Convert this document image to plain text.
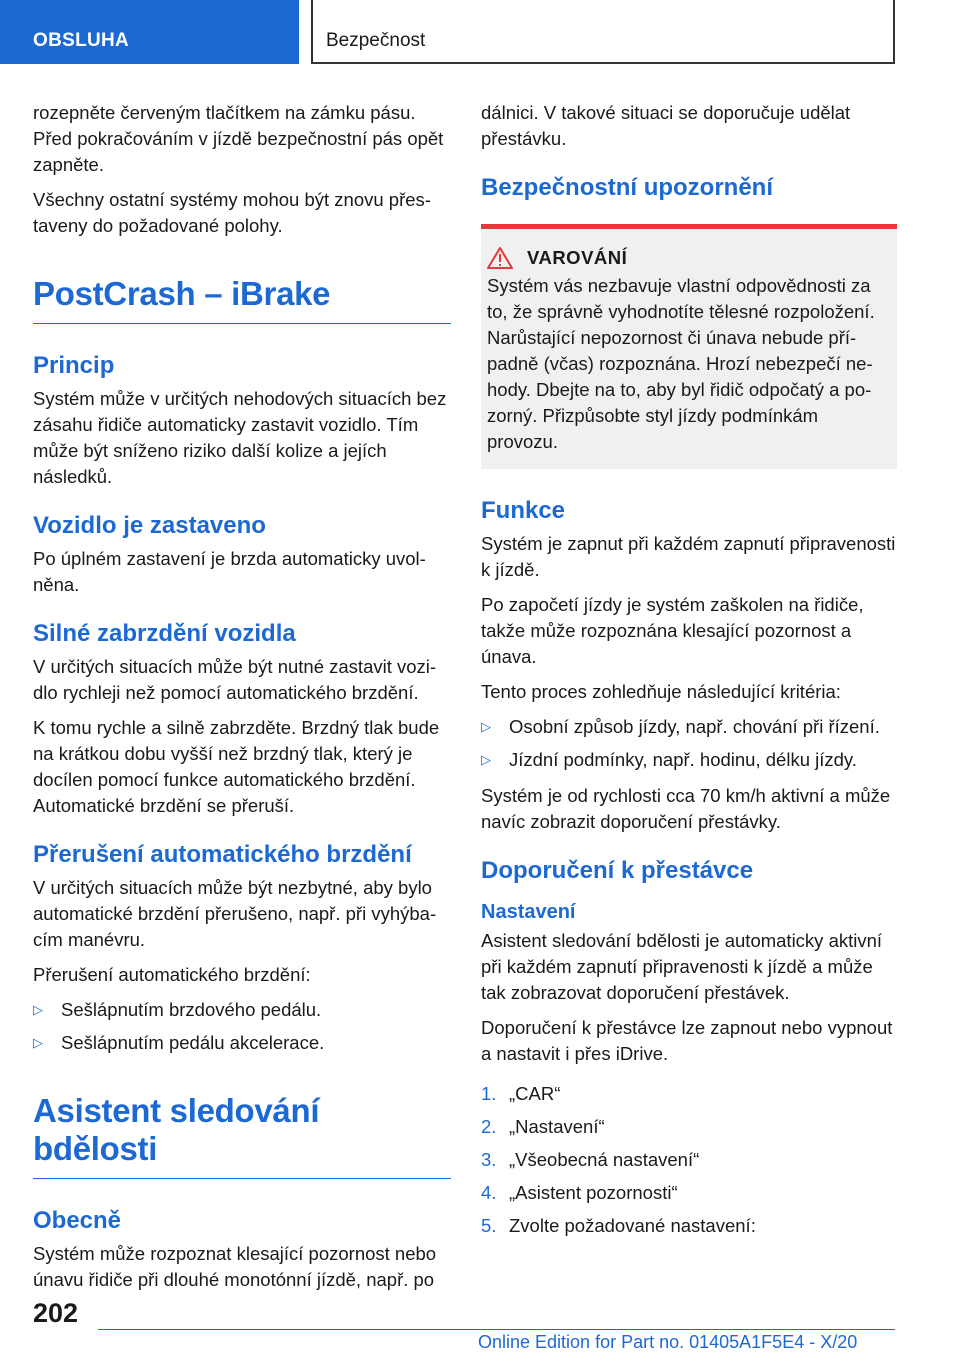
OBSLUHA	Bezpečnost

rozepněte červeným tlačítkem na zámku pásu. Před pokračováním v jízdě bezpečnostní pás opět zapněte.

Všechny ostatní systémy mohou být znovu přestaveny do požadované polohy.

PostCrash – iBrake
Princip

Systém může v určitých nehodových situacích bez zásahu řidiče automaticky zastavit vozidlo. Tím může být sníženo riziko další kolize a jejích následků.

Vozidlo je zastaveno

Po úplném zastavení je brzda automaticky uvolněna.

Silné zabrzdění vozidla

V určitých situacích může být nutné zastavit vozidlo rychleji než pomocí automatického brzdění.

K tomu rychle a silně zabrzděte. Brzdný tlak bude na krátkou dobu vyšší než brzdný tlak, který je docílen pomocí funkce automatického brzdění. Automatické brzdění se přeruší.

Přerušení automatického brzdění

V určitých situacích může být nezbytné, aby bylo automatické brzdění přerušeno, např. při vyhýbacím manévru.

Přerušení automatického brzdění:

▷ Sešlápnutím brzdového pedálu.
▷ Sešlápnutím pedálu akcelerace.
Asistent sledování bdělosti
Obecně

Systém může rozpoznat klesající pozornost nebo únavu řidiče při dlouhé monotónní jízdě, např. po

dálnici. V takové situaci se doporučuje udělat přestávku.

Bezpečnostní upozornění
VAROVÁNÍ

Systém vás nezbavuje vlastní odpovědnosti za to, že správně vyhodnotíte tělesné rozpoložení. Narůstající nepozornost či únava nebude případně (včas) rozpoznána. Hrozí nebezpečí nehody. Dbejte na to, aby byl řidič odpočatý a pozorný. Přizpůsobte styl jízdy podmínkám provozu.

Funkce

Systém je zapnut při každém zapnutí připravenosti k jízdě.

Po započetí jízdy je systém zaškolen na řidiče, takže může rozpoznána klesající pozornost a únava.

Tento proces zohledňuje následující kritéria:

▷ Osobní způsob jízdy, např. chování při řízení.
▷ Jízdní podmínky, např. hodinu, délku jízdy.

Systém je od rychlosti cca 70 km/h aktivní a může navíc zobrazit doporučení přestávky.

Doporučení k přestávce
Nastavení

Asistent sledování bdělosti je automaticky aktivní při každém zapnutí připravenosti k jízdě a může tak zobrazovat doporučení přestávek.

Doporučení k přestávce lze zapnout nebo vypnout a nastavit i přes iDrive.

1. „CAR“
2. „Nastavení“
3. „Všeobecná nastavení“
4. „Asistent pozornosti“
5. Zvolte požadované nastavení:
202
Online Edition for Part no. 01405A1F5E4 - X/20
